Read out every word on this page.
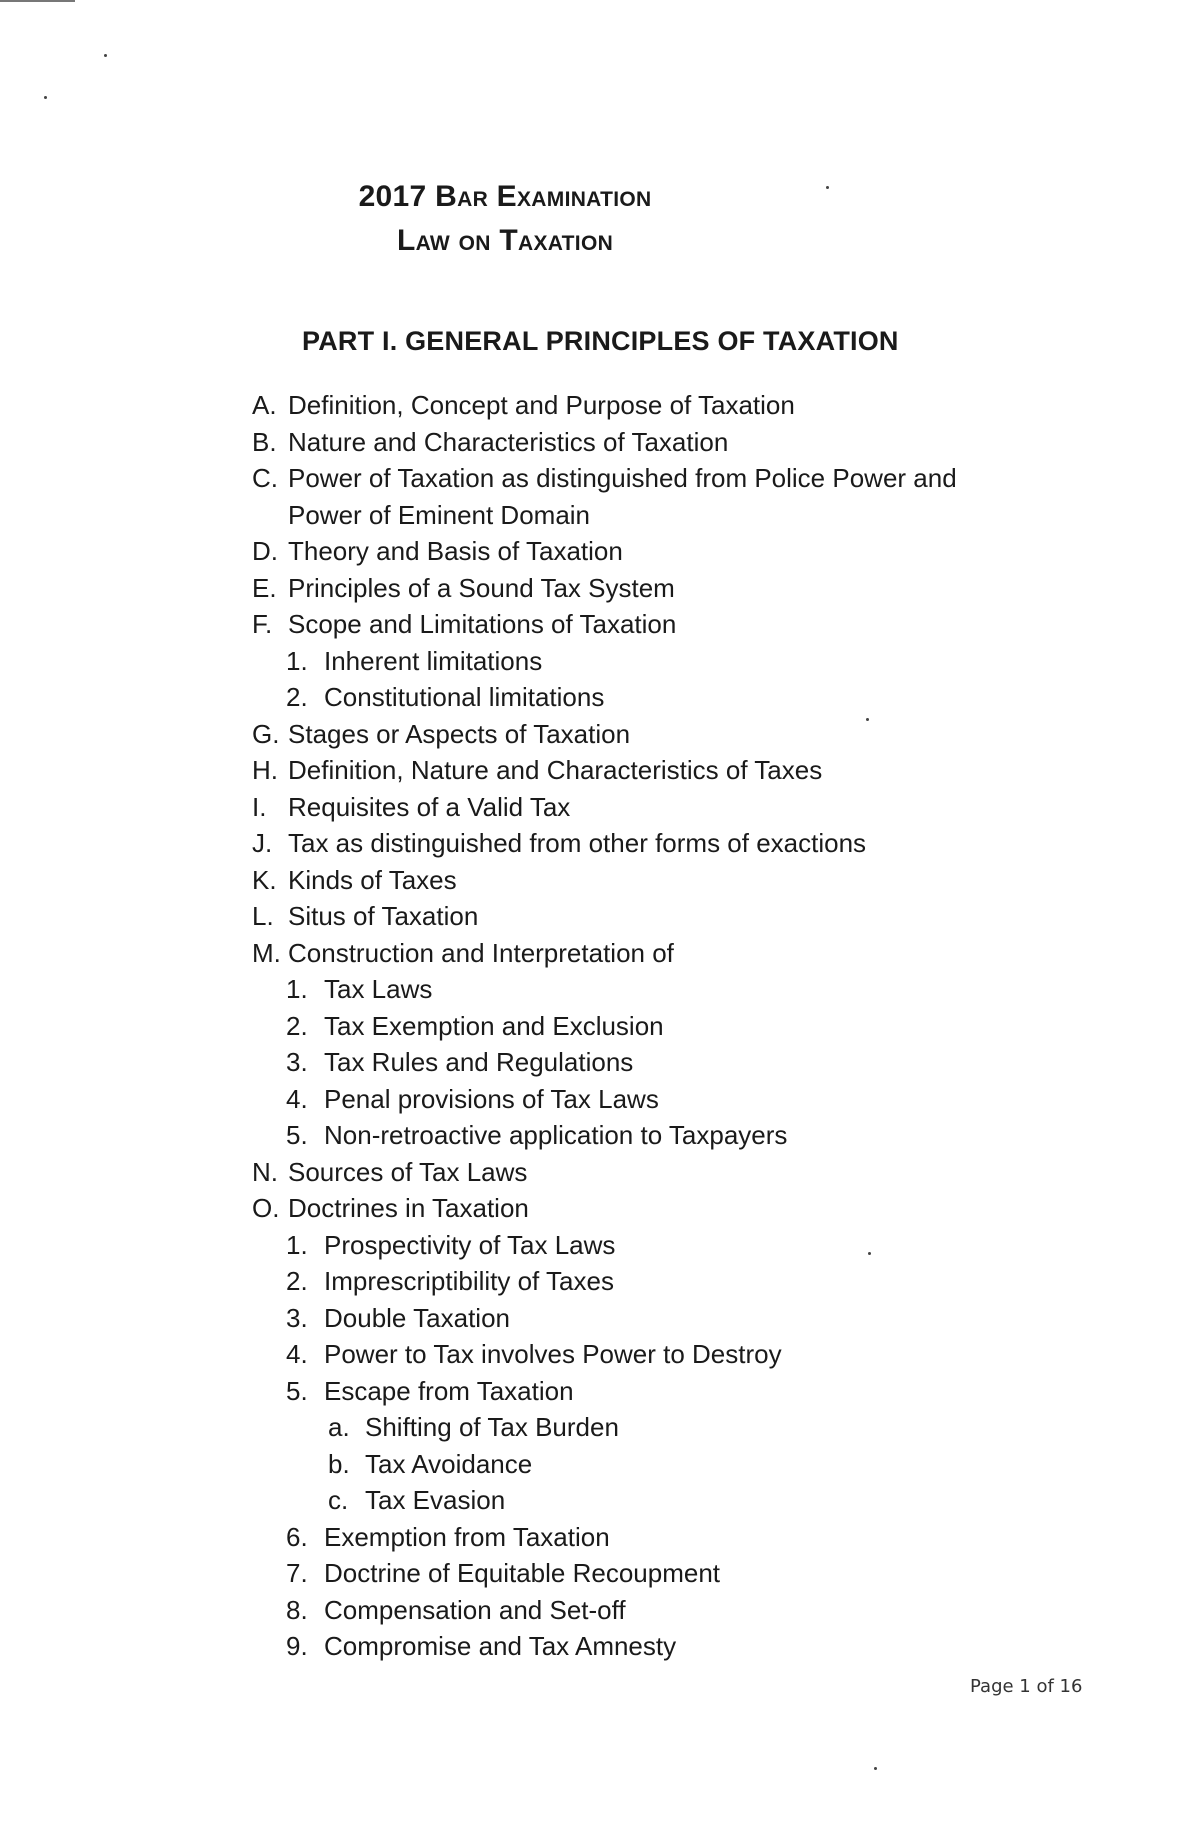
2017 Bar Examination
Law on Taxation
PART I. GENERAL PRINCIPLES OF TAXATION
A. Definition, Concept and Purpose of Taxation
B. Nature and Characteristics of Taxation
C. Power of Taxation as distinguished from Police Power and Power of Eminent Domain
D. Theory and Basis of Taxation
E. Principles of a Sound Tax System
F. Scope and Limitations of Taxation
1. Inherent limitations
2. Constitutional limitations
G. Stages or Aspects of Taxation
H. Definition, Nature and Characteristics of Taxes
I. Requisites of a Valid Tax
J. Tax as distinguished from other forms of exactions
K. Kinds of Taxes
L. Situs of Taxation
M. Construction and Interpretation of
1. Tax Laws
2. Tax Exemption and Exclusion
3. Tax Rules and Regulations
4. Penal provisions of Tax Laws
5. Non-retroactive application to Taxpayers
N. Sources of Tax Laws
O. Doctrines in Taxation
1. Prospectivity of Tax Laws
2. Imprescriptibility of Taxes
3. Double Taxation
4. Power to Tax involves Power to Destroy
5. Escape from Taxation
a. Shifting of Tax Burden
b. Tax Avoidance
c. Tax Evasion
6. Exemption from Taxation
7. Doctrine of Equitable Recoupment
8. Compensation and Set-off
9. Compromise and Tax Amnesty
Page 1 of 16
